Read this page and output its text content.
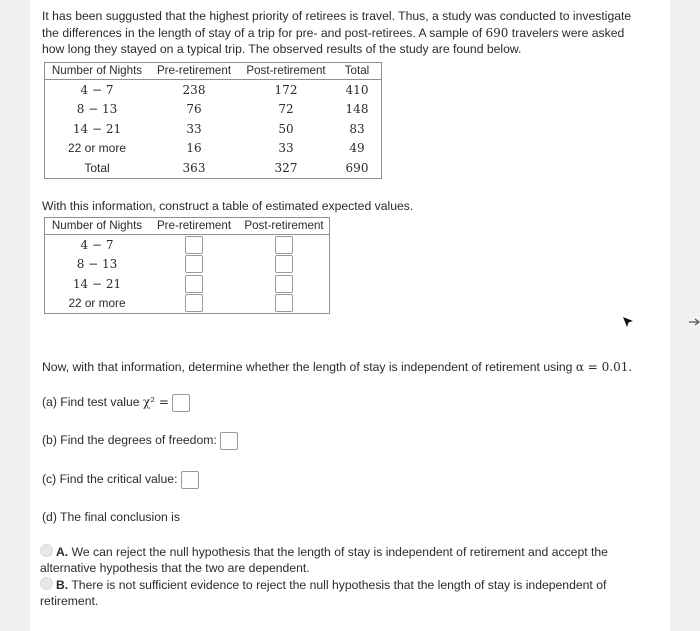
It has been suggusted that the highest priority of retirees is travel. Thus, a study was conducted to investigate
the differences in the length of stay of a trip for pre- and post-retirees. A sample of 690 travelers were asked
how long they stayed on a typical trip. The observed results of the study are found below.
Number of Nights	Pre-retirement	Post-retirement	Total
4 − 7	238	172	410
8 − 13	76	72	148
14 − 21	33	50	83
22 or more	16	33	49
Total	363	327	690
With this information, construct a table of estimated expected values.
Number of Nights	Pre-retirement	Post-retirement
4 − 7		
8 − 13		
14 − 21		
22 or more		
Now, with that information, determine whether the length of stay is independent of retirement using α = 0.01.
(a) Find test value χ² =
(b) Find the degrees of freedom:
(c) Find the critical value:
(d) The final conclusion is
A. We can reject the null hypothesis that the length of stay is independent of retirement and accept the
alternative hypothesis that the two are dependent.
B. There is not sufficient evidence to reject the null hypothesis that the length of stay is independent of
retirement.
